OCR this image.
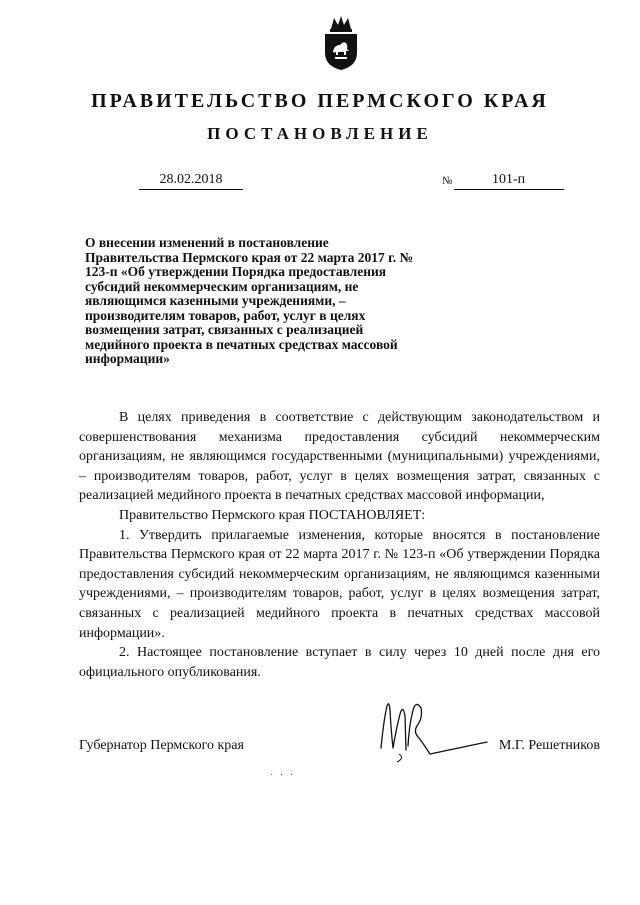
ПРАВИТЕЛЬСТВО ПЕРМСКОГО КРАЯ
ПОСТАНОВЛЕНИЕ
28.02.2018	№	101-п
О внесении изменений в постановление Правительства Пермского края от 22 марта 2017 г. № 123-п «Об утверждении Порядка предоставления субсидий некоммерческим организациям, не являющимся казенными учреждениями, – производителям товаров, работ, услуг в целях возмещения затрат, связанных с реализацией медийного проекта в печатных средствах массовой информации»

В целях приведения в соответствие с действующим законодательством и совершенствования механизма предоставления субсидий некоммерческим организациям, не являющимся государственными (муниципальными) учреждениями, – производителям товаров, работ, услуг в целях возмещения затрат, связанных с реализацией медийного проекта в печатных средствах массовой информации,

Правительство Пермского края ПОСТАНОВЛЯЕТ:

1. Утвердить прилагаемые изменения, которые вносятся в постановление Правительства Пермского края от 22 марта 2017 г. № 123-п «Об утверждении Порядка предоставления субсидий некоммерческим организациям, не являющимся казенными учреждениями, – производителям товаров, работ, услуг в целях возмещения затрат, связанных с реализацией медийного проекта в печатных средствах массовой информации».

2. Настоящее постановление вступает в силу через 10 дней после дня его официального опубликования.

Губернатор Пермского края	М.Г. Решетников
· · ·
